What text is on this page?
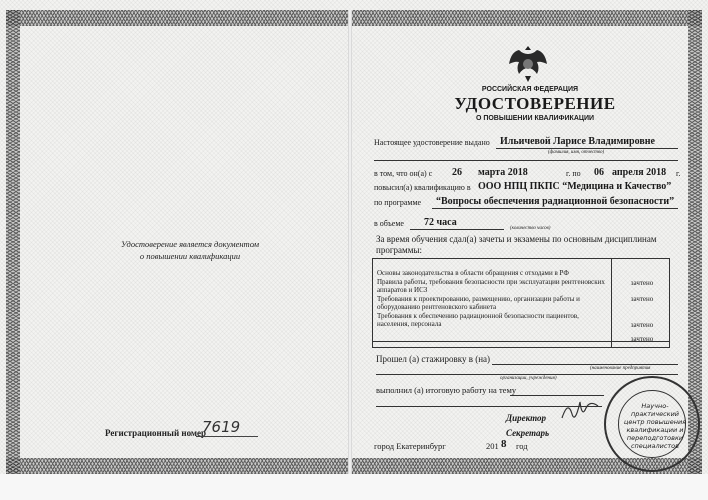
Удостоверение является документом
о повышении квалификации
Регистрационный номер
7619
РОССИЙСКАЯ ФЕДЕРАЦИЯ
УДОСТОВЕРЕНИЕ
О ПОВЫШЕНИИ КВАЛИФИКАЦИИ
Настоящее удостоверение выдано Ильичевой Ларисе Владимировне
(фамилия, имя, отчество)
в том, что он(а) с 26 марта 2018	г. по 06 апреля 2018 г.
повысил(а) квалификацию в ООО НПЦ ПКПС “Медицина и Качество”
по программе “Вопросы обеспечения радиационной безопасности”
в объеме 72 часа
(количество часов)
За время обучения сдал(а) зачеты и экзамены по основным дисциплинам
программы:
Основы законодательства в области обращения с отходами в РФ
Правила работы, требования безопасности при эксплуатации рентгеновских аппаратов и ИСЗ
Требования к проектированию, размещению, организации работы и оборудованию рентгеновского кабинета
Требования к обеспечению радиационной безопасности пациентов, населения, персонала
зачтено
зачтено
зачтено
зачтено
Прошел (а) стажировку в (на)
(наименование предприятия
организации, учреждения)
выполнил (а) итоговую работу на тему
Директор
Секретарь
город Екатеринбург	201 8 год
Научно-практический центр повышения квалификации и переподготовки специалистов
